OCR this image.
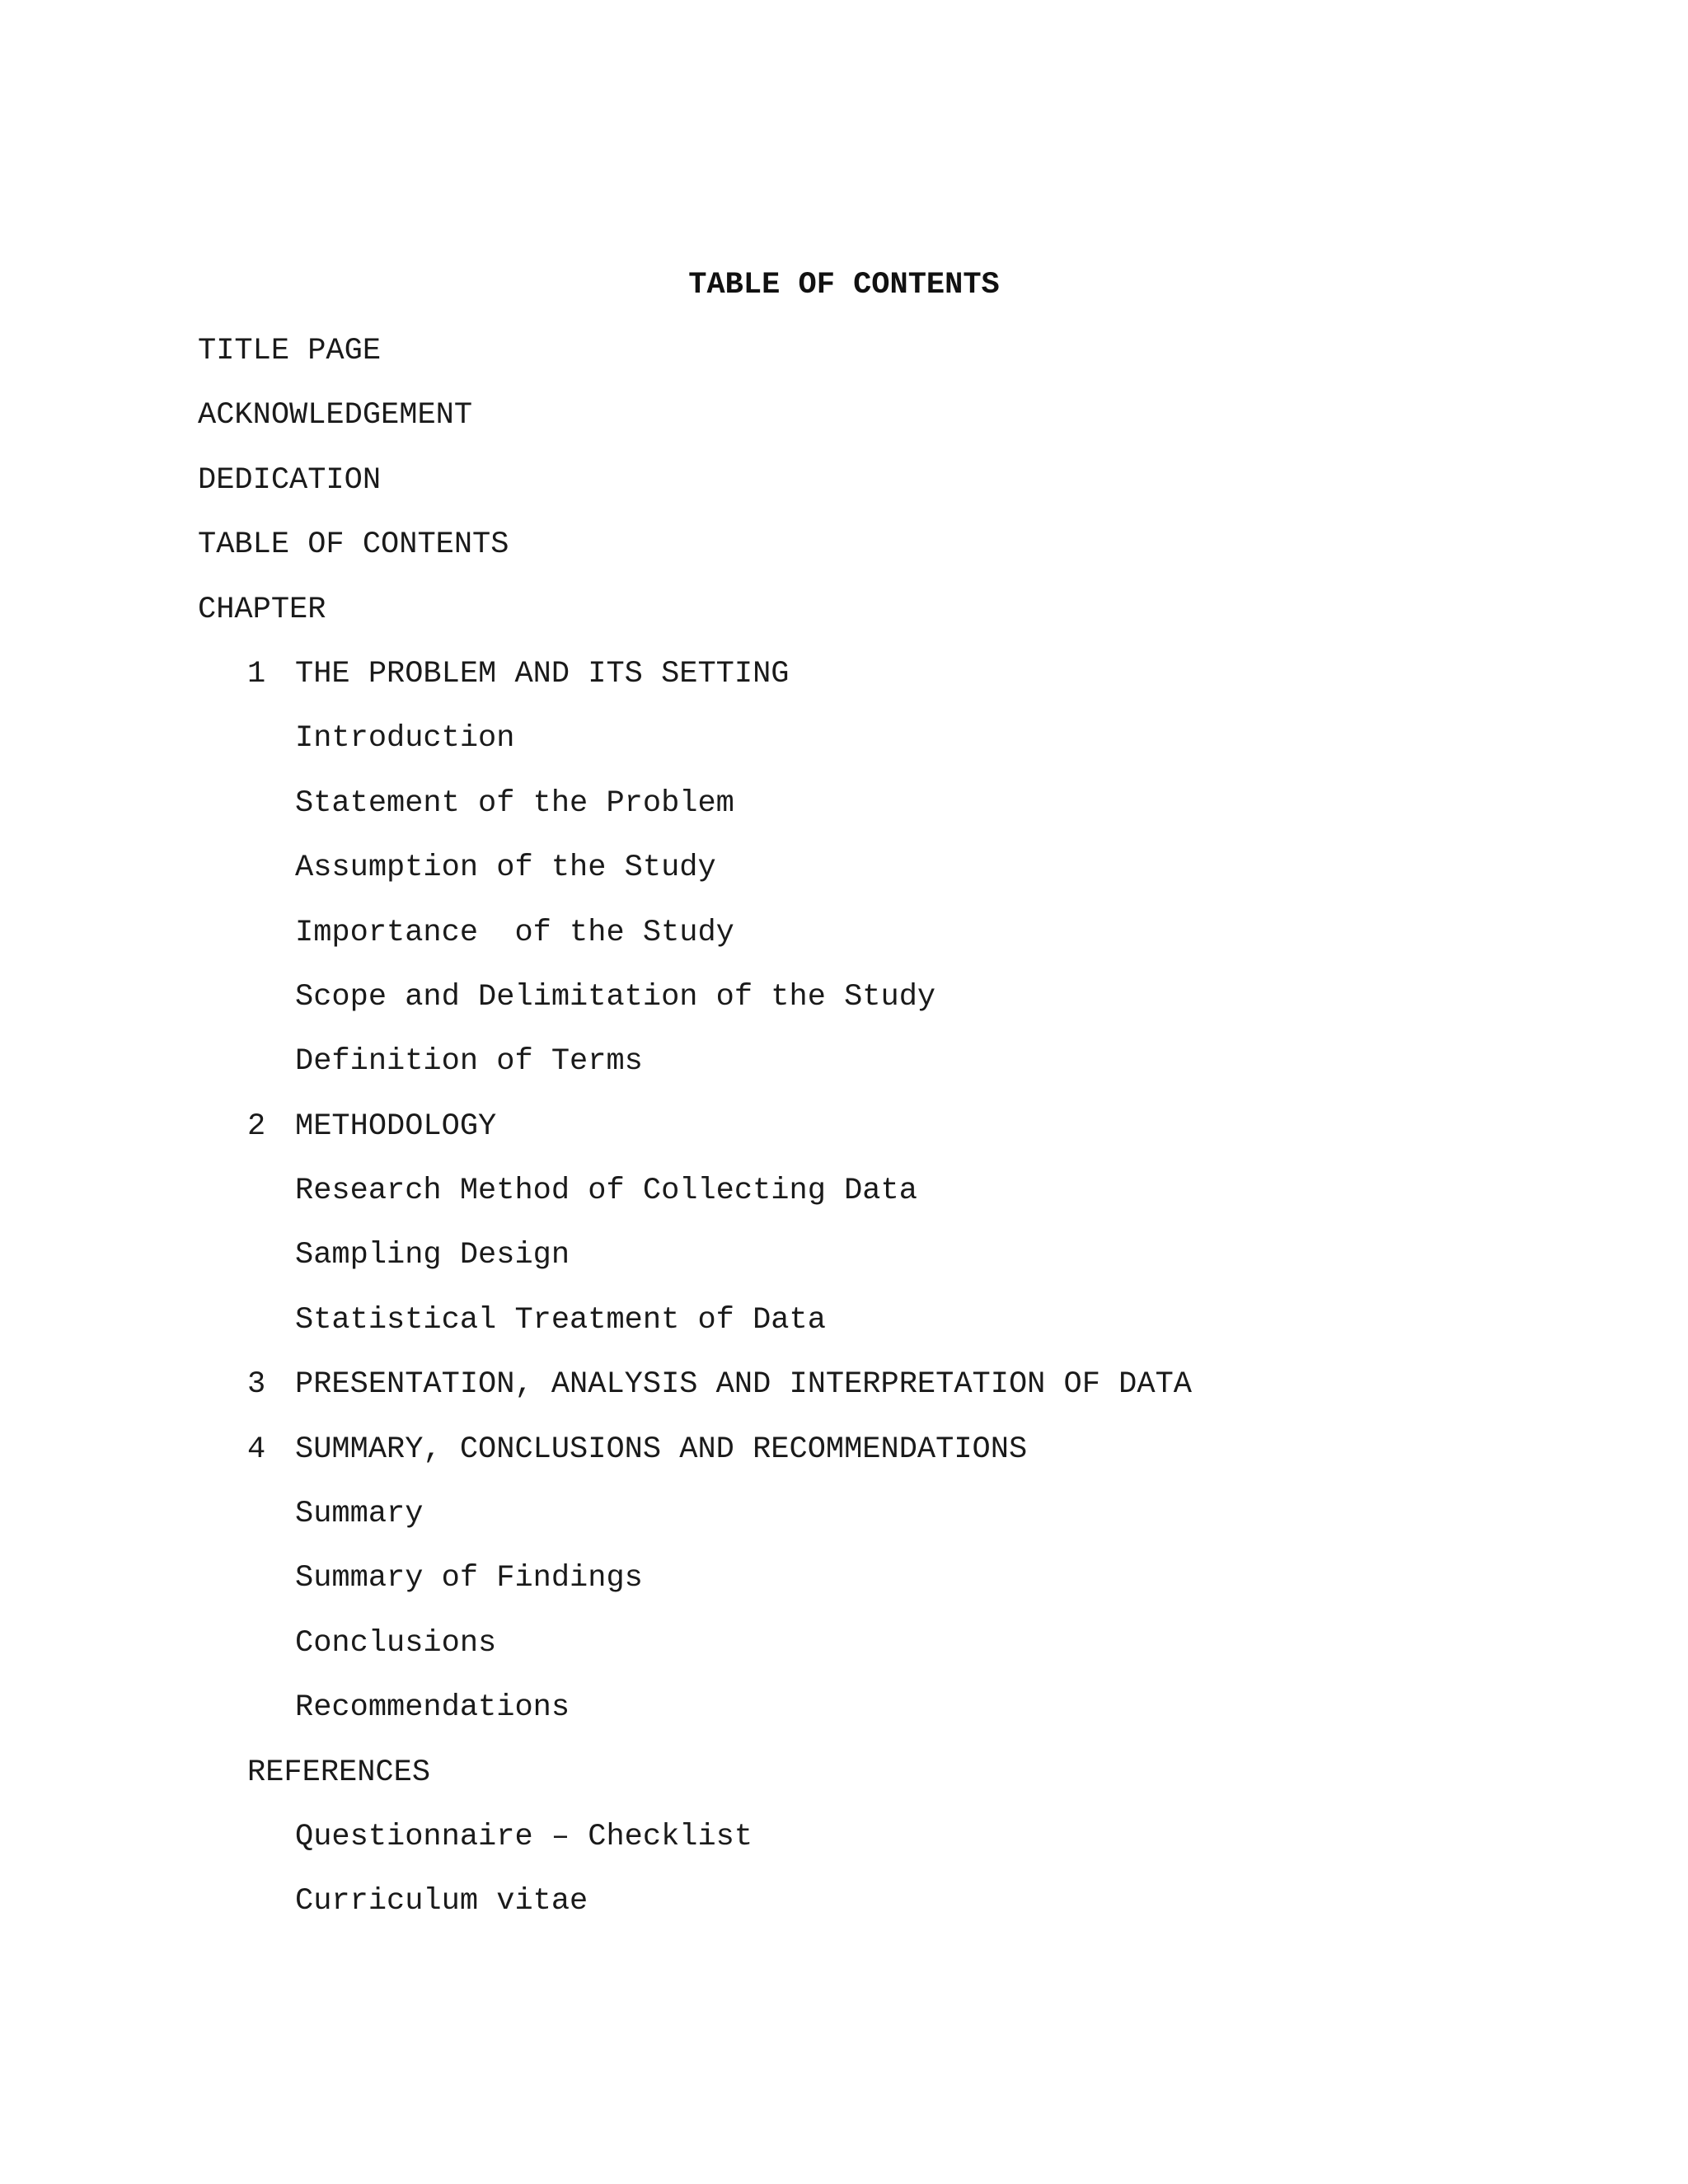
TABLE OF CONTENTS
TITLE PAGE
ACKNOWLEDGEMENT
DEDICATION
TABLE OF CONTENTS
CHAPTER
1 THE PROBLEM AND ITS SETTING
Introduction
Statement of the Problem
Assumption of the Study
Importance  of the Study
Scope and Delimitation of the Study
Definition of Terms
2 METHODOLOGY
Research Method of Collecting Data
Sampling Design
Statistical Treatment of Data
3 PRESENTATION, ANALYSIS AND INTERPRETATION OF DATA
4 SUMMARY, CONCLUSIONS AND RECOMMENDATIONS
Summary
Summary of Findings
Conclusions
Recommendations
REFERENCES
Questionnaire – Checklist
Curriculum vitae
